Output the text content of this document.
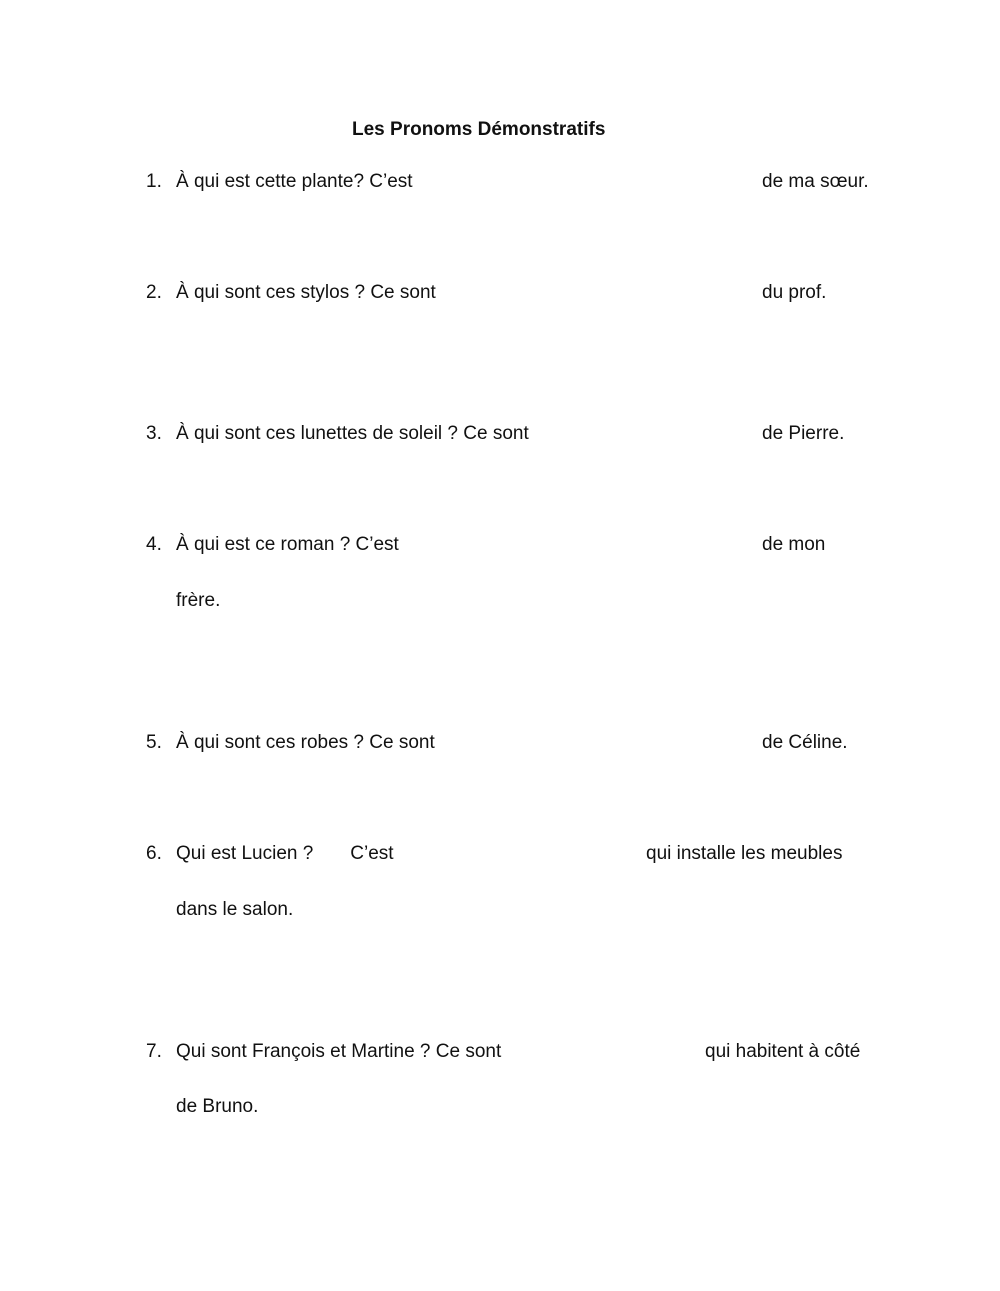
Les Pronoms Démonstratifs
1. À qui est cette plante? C’est	de ma sœur.
2. À qui sont ces stylos ? Ce sont	du prof.
3. À qui sont ces lunettes de soleil ? Ce sont	de Pierre.
4. À qui est ce roman ? C’est	de mon
frère.
5. À qui sont ces robes ? Ce sont	de Céline.
6. Qui est Lucien ?       C’est	qui installe les meubles
dans le salon.
7. Qui sont François et Martine ? Ce sont	qui habitent à côté
de Bruno.
